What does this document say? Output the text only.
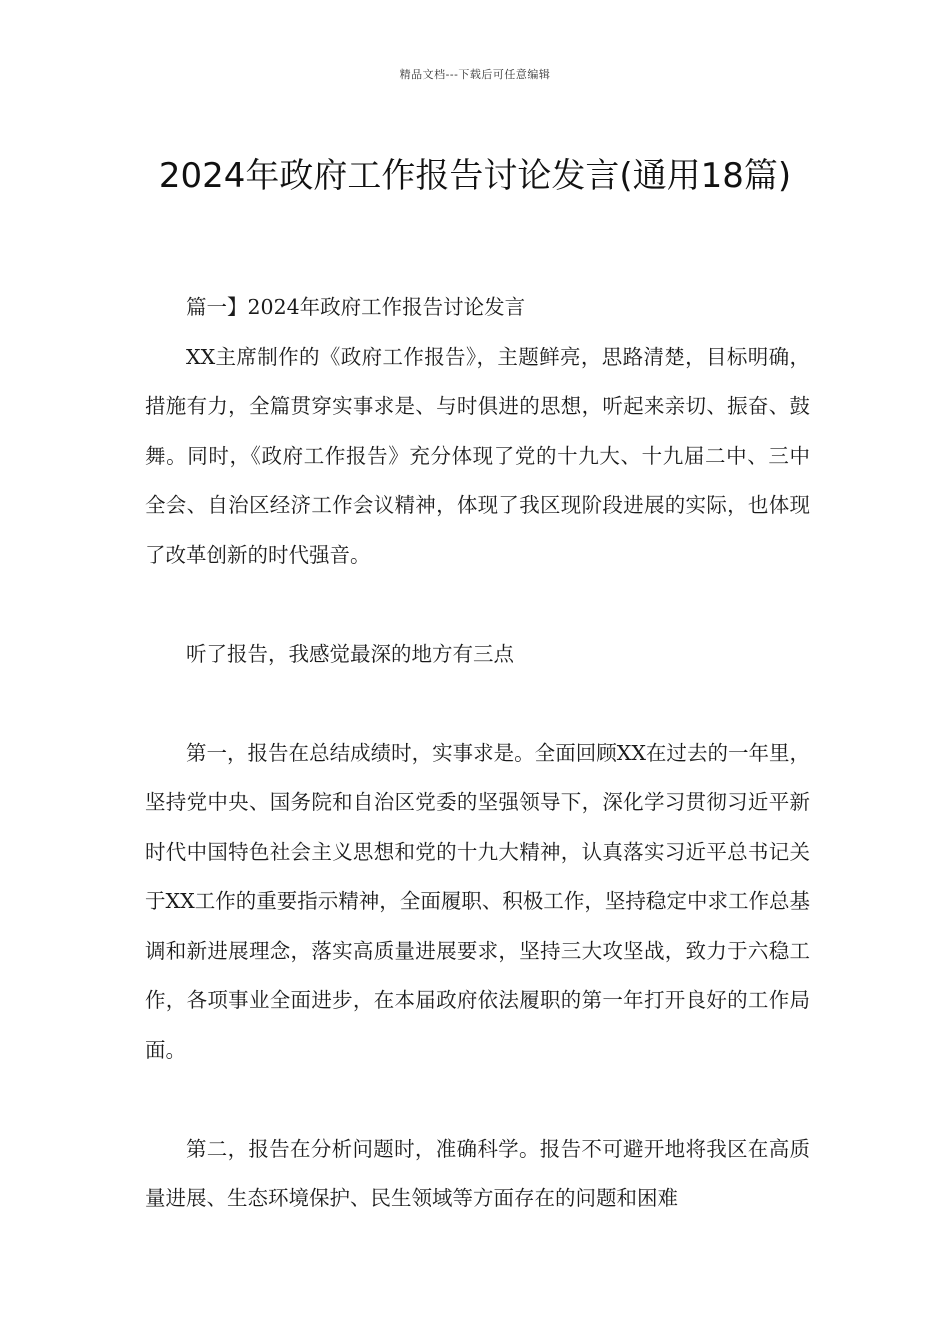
精品文档---下载后可任意编辑
2024年政府工作报告讨论发言(通用18篇)

篇一】2024年政府工作报告讨论发言

XX主席制作的《政府工作报告》，主题鲜亮，思路清楚，目标明确，措施有力，全篇贯穿实事求是、与时俱进的思想，听起来亲切、振奋、鼓舞。同时，《政府工作报告》充分体现了党的十九大、十九届二中、三中全会、自治区经济工作会议精神，体现了我区现阶段进展的实际，也体现了改革创新的时代强音。

听了报告，我感觉最深的地方有三点

第一，报告在总结成绩时，实事求是。全面回顾XX在过去的一年里，坚持党中央、国务院和自治区党委的坚强领导下，深化学习贯彻习近平新时代中国特色社会主义思想和党的十九大精神，认真落实习近平总书记关于XX工作的重要指示精神，全面履职、积极工作，坚持稳定中求工作总基调和新进展理念，落实高质量进展要求，坚持三大攻坚战，致力于六稳工作，各项事业全面进步，在本届政府依法履职的第一年打开良好的工作局面。

第二，报告在分析问题时，准确科学。报告不可避开地将我区在高质量进展、生态环境保护、民生领域等方面存在的问题和困难
